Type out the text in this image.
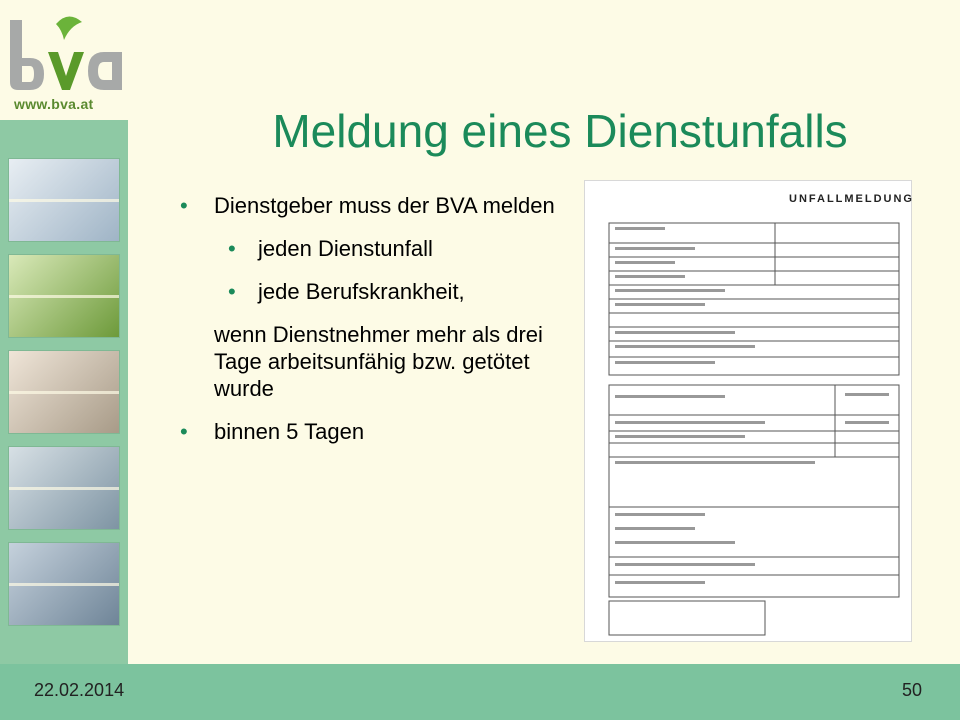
www.bva.at
Meldung eines Dienstunfalls
• Dienstgeber muss der BVA melden
• jeden Dienstunfall
• jede Berufskrankheit,
wenn Dienstnehmer mehr als drei Tage arbeitsunfähig bzw. getötet wurde
• binnen 5 Tagen
UNFALLMELDUNG
22.02.2014	50
